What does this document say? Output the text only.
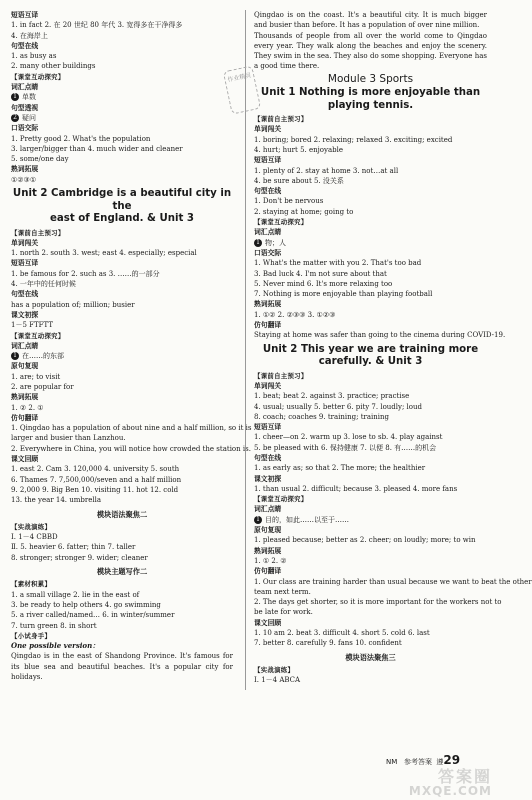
短语互译
1. in fact 2. 在 20 世纪 80 年代 3. 宽得多在干净得多
4. 在海岸上
句型在线
1. as busy as
2. many other buildings
【课堂互动探究】
词汇点睛
1 单数
句型透视
2 疑问
口语交际
1. Pretty good 2. What's the population
3. larger/bigger than 4. much wider and cleaner
5. some/one day
熟词拓展
①②③①
Unit 2 Cambridge is a beautiful city in the
east of England. & Unit 3
【课前自主预习】
单词闯关
1. north 2. south 3. west; east 4. especially; especial
短语互译
1. be famous for 2. such as 3. ……的一部分
4. 一年中的任何时候
句型在线
has a population of; million; busier
课文初探
1－5 FTFTT
【课堂互动探究】
词汇点睛
1 在……的东部
原句复现
1. are; to visit
2. are popular for
熟词拓展
1. ② 2. ①
仿句翻译
1. Qingdao has a population of about nine and a half million, so it is
larger and busier than Lanzhou.
2. Everywhere in China, you will notice how crowded the station is.
课文回顾
1. east 2. Cam 3. 120,000 4. university 5. south
6. Thames 7. 7,500,000/seven and a half million
9. 2,000 9. Big Ben 10. visiting 11. hot 12. cold
13. the year 14. umbrella
模块语法聚焦二
【实战演练】
Ⅰ. 1－4 CBBD
Ⅱ. 5. heavier 6. fatter; thin 7. taller
8. stronger; stronger 9. wider; cleaner
模块主题写作二
【素材积累】
1. a small village 2. lie in the east of
3. be ready to help others 4. go swimming
5. a river called/named… 6. in winter/summer
7. turn green 8. in short
【小试身手】
One possible version：
Qingdao is in the east of Shandong Province. It's famous for its blue sea and beautiful beaches. It's a popular city for holidays.
Qingdao is on the coast. It's a beautiful city. It is much bigger and busier than before. It has a population of over nine million.
Thousands of people from all over the world come to Qingdao every year. They walk along the beaches and enjoy the scenery. They swim in the sea. They also do some shopping. Everyone has a good time there.
Module 3 Sports
Unit 1 Nothing is more enjoyable than
playing tennis.
【课前自主预习】
单词闯关
1. boring; bored 2. relaxing; relaxed 3. exciting; excited
4. hurt; hurt 5. enjoyable
短语互译
1. plenty of 2. stay at home 3. not…at all
4. be sure about 5. 没关系
句型在线
1. Don't be nervous
2. staying at home; going to
【课堂互动探究】
词汇点睛
1 物；人
口语交际
1. What's the matter with you 2. That's too bad
3. Bad luck 4. I'm not sure about that
5. Never mind 6. It's more relaxing too
7. Nothing is more enjoyable than playing football
熟词拓展
1. ①② 2. ②③③ 3. ①②③
仿句翻译
Staying at home was safer than going to the cinema during COVID-19.
Unit 2 This year we are training more
carefully. & Unit 3
【课前自主预习】
单词闯关
1. beat; beat 2. against 3. practice; practise
4. usual; usually 5. better 6. pity 7. loudly; loud
8. coach; coaches 9. training; training
短语互译
1. cheer—on 2. warm up 3. lose to sb. 4. play against
5. be pleased with 6. 保持健康 7. 以便 8. 有……的机会
句型在线
1. as early as; so that 2. The more; the healthier
课文初探
1. than usual 2. difficult; because 3. pleased 4. more fans
【课堂互动探究】
词汇点睛
1 目的，如此……以至于……
原句复现
1. pleased because; better as 2. cheer; on loudly; more; to win
熟词拓展
1. ① 2. ②
仿句翻译
1. Our class are training harder than usual because we want to beat the other
team next term.
2. The days get shorter, so it is more important for the workers not to
be late for work.
课文回顾
1. 10 am 2. beat 3. difficult 4. short 5. cold 6. last
7. better 8. carefully 9. fans 10. confident
模块语法聚焦三
【实战演练】
Ⅰ. 1－4 ABCA
作业精灵
NM 参考答案 遵29
答案圈
MXQE.COM
